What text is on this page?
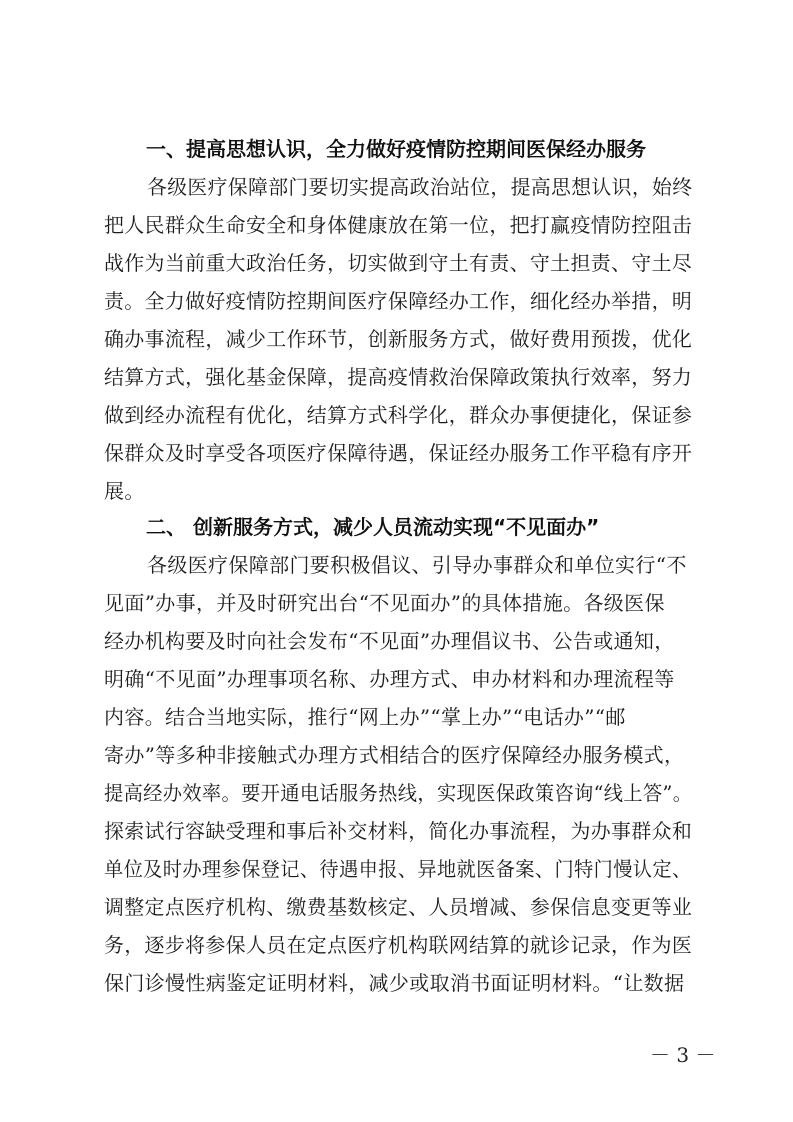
一、提高思想认识，全力做好疫情防控期间医保经办服务
各级医疗保障部门要切实提高政治站位，提高思想认识，始终
把人民群众生命安全和身体健康放在第一位，把打赢疫情防控阻击
战作为当前重大政治任务，切实做到守土有责、守土担责、守土尽
责。全力做好疫情防控期间医疗保障经办工作，细化经办举措，明
确办事流程，减少工作环节，创新服务方式，做好费用预拨，优化
结算方式，强化基金保障，提高疫情救治保障政策执行效率，努力
做到经办流程有优化，结算方式科学化，群众办事便捷化，保证参
保群众及时享受各项医疗保障待遇，保证经办服务工作平稳有序开
展。
二、 创新服务方式，减少人员流动实现“不见面办”
各级医疗保障部门要积极倡议、引导办事群众和单位实行“不
见面”办事，并及时研究出台“不见面办”的具体措施。各级医保
经办机构要及时向社会发布“不见面”办理倡议书、公告或通知，
明确“不见面”办理事项名称、办理方式、申办材料和办理流程等
内容。结合当地实际，推行“网上办”“掌上办”“电话办”“邮
寄办”等多种非接触式办理方式相结合的医疗保障经办服务模式，
提高经办效率。要开通电话服务热线，实现医保政策咨询“线上答”。
探索试行容缺受理和事后补交材料，简化办事流程，为办事群众和
单位及时办理参保登记、待遇申报、异地就医备案、门特门慢认定、
调整定点医疗机构、缴费基数核定、人员增减、参保信息变更等业
务，逐步将参保人员在定点医疗机构联网结算的就诊记录，作为医
保门诊慢性病鉴定证明材料，减少或取消书面证明材料。“让数据
－ 3 －
